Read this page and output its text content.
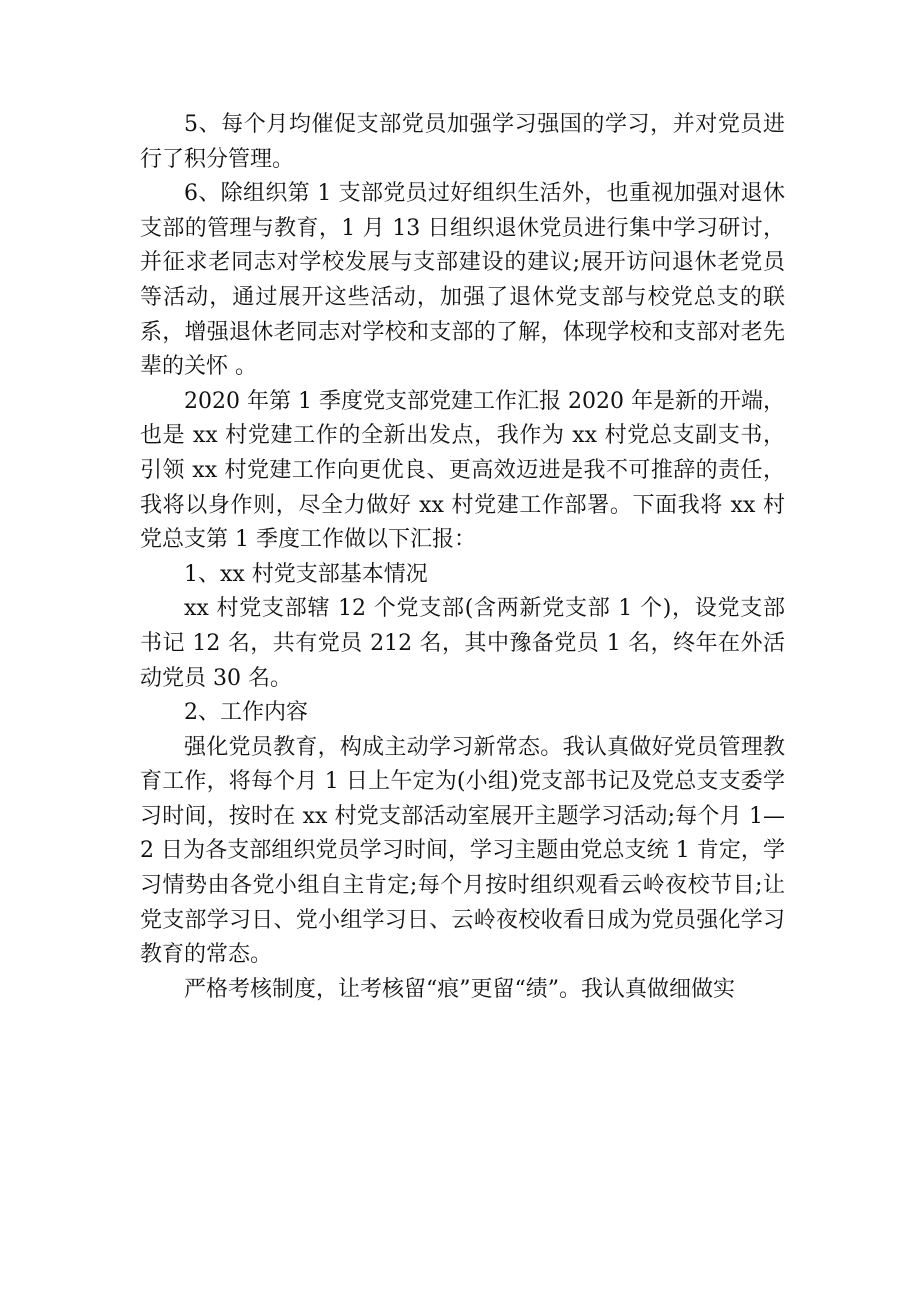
5、每个月均催促支部党员加强学习强国的学习，并对党员进行了积分管理。

6、除组织第 1 支部党员过好组织生活外，也重视加强对退休支部的管理与教育，1 月 13 日组织退休党员进行集中学习研讨， 并征求老同志对学校发展与支部建设的建议;展开访问退休老党员等活动，通过展开这些活动，加强了退休党支部与校党总支的联系，增强退休老同志对学校和支部的了解，体现学校和支部对老先辈的关怀 。

2020 年第 1 季度党支部党建工作汇报 2020 年是新的开端，也是 xx 村党建工作的全新出发点，我作为 xx 村党总支副支书，引领 xx 村党建工作向更优良、更高效迈进是我不可推辞的责任，我将以身作则，尽全力做好 xx 村党建工作部署。下面我将 xx 村党总支第 1 季度工作做以下汇报：

1、xx 村党支部基本情况

xx 村党支部辖 12 个党支部(含两新党支部 1 个)，设党支部书记 12 名，共有党员 212 名，其中豫备党员 1 名，终年在外活动党员 30 名。

2、工作内容

强化党员教育，构成主动学习新常态。我认真做好党员管理教育工作，将每个月 1 日上午定为(小组)党支部书记及党总支支委学习时间，按时在 xx 村党支部活动室展开主题学习活动;每个月 1—2 日为各支部组织党员学习时间，学习主题由党总支统 1 肯定，学习情势由各党小组自主肯定;每个月按时组织观看云岭夜校节目;让党支部学习日、党小组学习日、云岭夜校收看日成为党员强化学习教育的常态。

严格考核制度，让考核留“痕”更留“绩”。我认真做细做实
